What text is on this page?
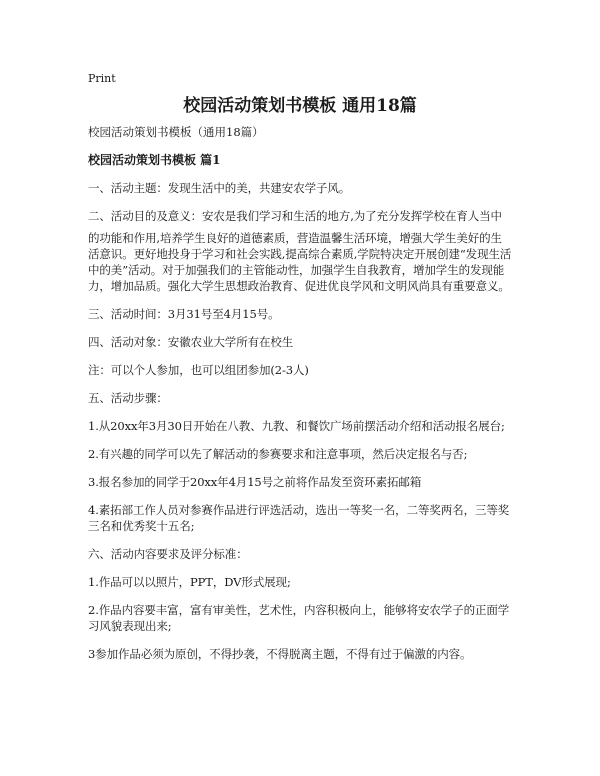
Print

校园活动策划书模板 通用18篇

校园活动策划书模板（通用18篇）

校园活动策划书模板 篇1

一、活动主题：发现生活中的美，共建安农学子风。

二、活动目的及意义：安农是我们学习和生活的地方,为了充分发挥学校在育人当中

的功能和作用,培养学生良好的道德素质，营造温馨生活环境，增强大学生美好的生活意识。更好地投身于学习和社会实践,提高综合素质,学院特决定开展创建“发现生活中的美”活动。对于加强我们的主管能动性，加强学生自我教育，增加学生的发现能力，增加品质。强化大学生思想政治教育、促进优良学风和文明风尚具有重要意义。

三、活动时间：3月31号至4月15号。

四、活动对象：安徽农业大学所有在校生

注：可以个人参加，也可以组团参加(2-3人)

五、活动步骤：

1.从20xx年3月30日开始在八教、九教、和餐饮广场前摆活动介绍和活动报名展台;

2.有兴趣的同学可以先了解活动的参赛要求和注意事项，然后决定报名与否;

3.报名参加的同学于20xx年4月15号之前将作品发至资环素拓邮箱

4.素拓部工作人员对参赛作品进行评选活动，选出一等奖一名，二等奖两名，三等奖三名和优秀奖十五名;

六、活动内容要求及评分标准：

1.作品可以以照片，PPT，DV形式展现;

2.作品内容要丰富，富有审美性，艺术性，内容积极向上，能够将安农学子的正面学习风貌表现出来;

3参加作品必须为原创，不得抄袭，不得脱离主题，不得有过于偏激的内容。
